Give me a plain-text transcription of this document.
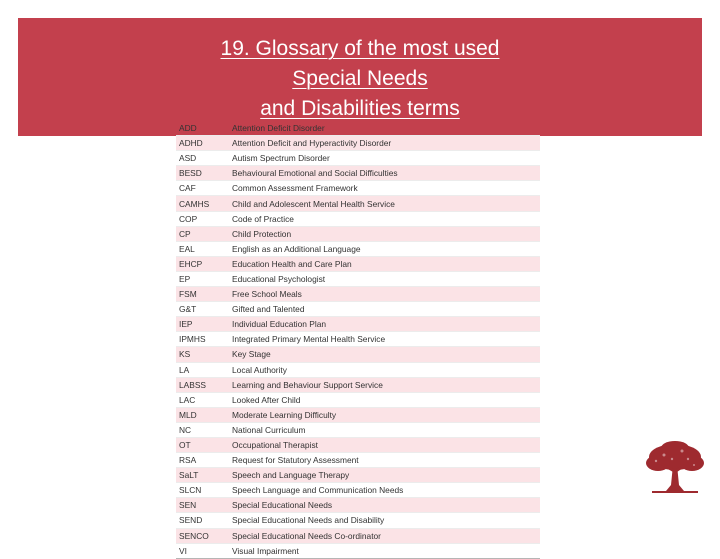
19. Glossary of the most used
Special Needs
and Disabilities terms
ADD	Attention Deficit Disorder
ADHD	Attention Deficit and Hyperactivity Disorder
ASD	Autism Spectrum Disorder
BESD	Behavioural Emotional and Social Difficulties
CAF	Common Assessment Framework
CAMHS	Child and Adolescent Mental Health Service
COP	Code of Practice
CP	Child Protection
EAL	English as an Additional Language
EHCP	Education Health and Care Plan
EP	Educational Psychologist
FSM	Free School Meals
G&T	Gifted and Talented
IEP	Individual Education Plan
IPMHS	Integrated Primary Mental Health Service
KS	Key Stage
LA	Local Authority
LABSS	Learning and Behaviour Support Service
LAC	Looked After Child
MLD	Moderate Learning Difficulty
NC	National Curriculum
OT	Occupational Therapist
RSA	Request for Statutory Assessment
SaLT	Speech and Language Therapy
SLCN	Speech Language and Communication Needs
SEN	Special Educational Needs
SEND	Special Educational Needs and Disability
SENCO	Special Educational Needs Co-ordinator
VI	Visual Impairment
